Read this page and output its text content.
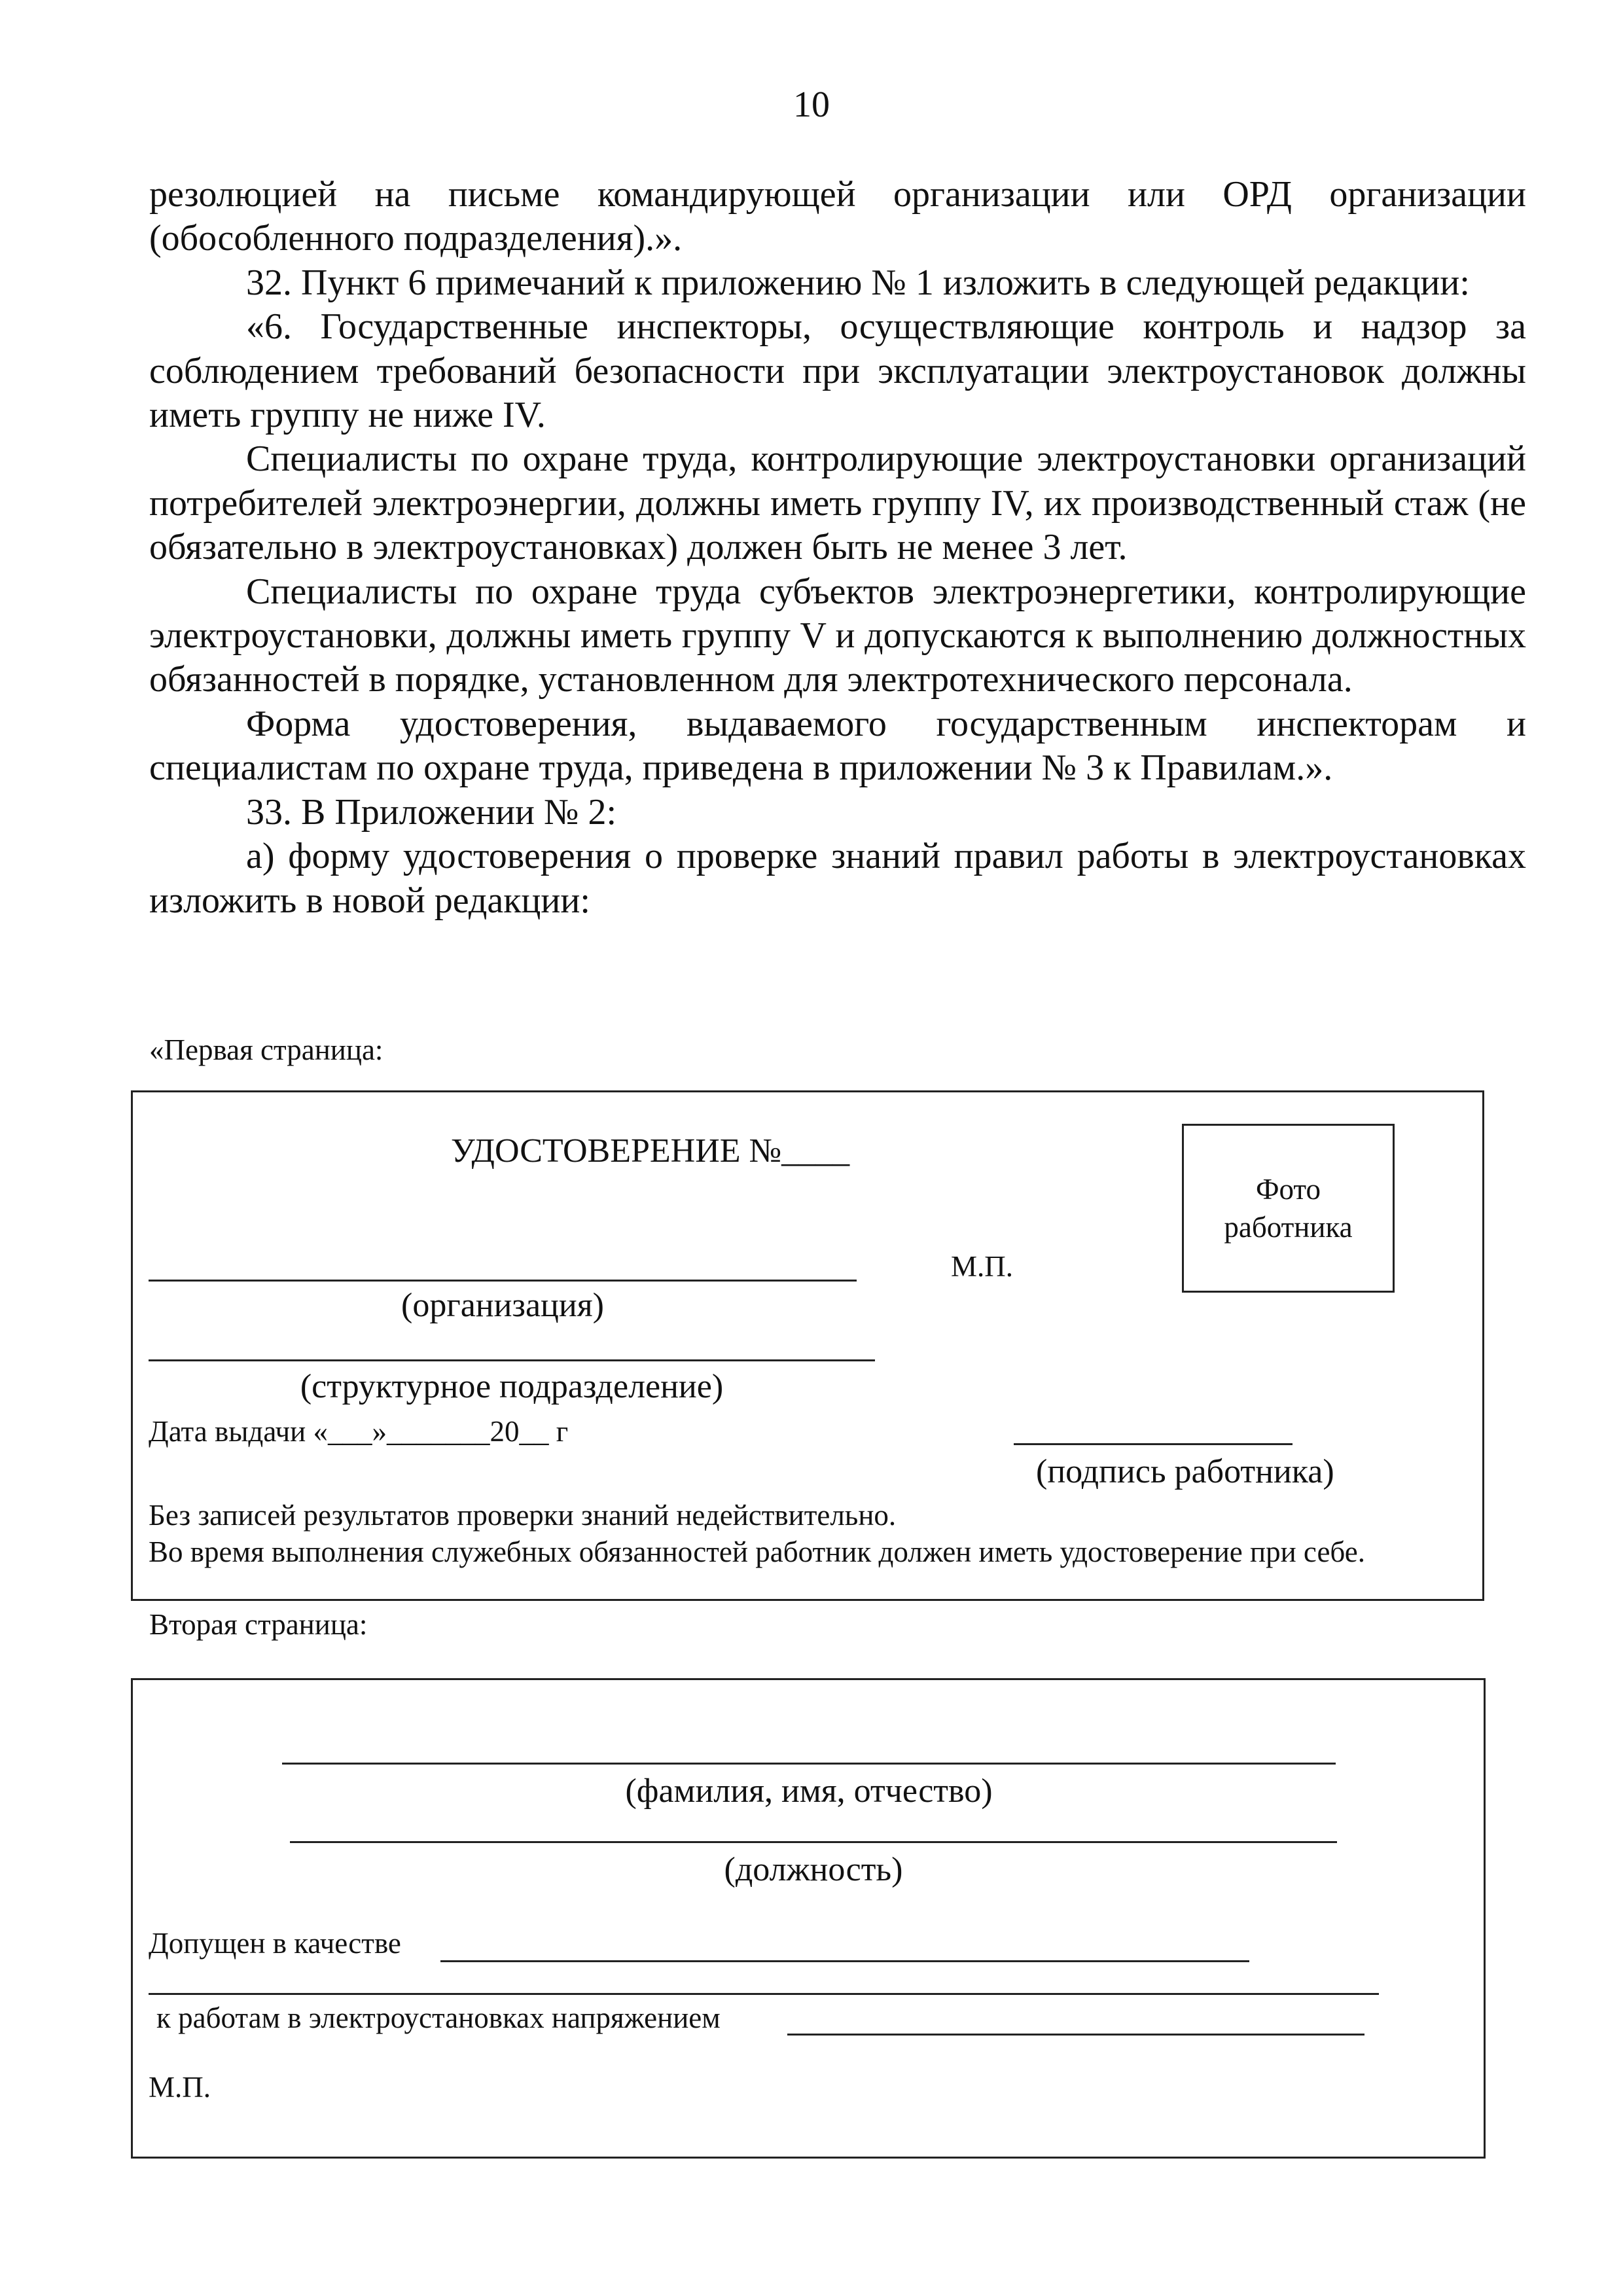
10

резолюцией на письме командирующей организации или ОРД организации

(обособленного подразделения).».

32. Пункт 6 примечаний к приложению № 1 изложить в следующей редакции:

«6. Государственные инспекторы, осуществляющие контроль и надзор за соблюдением требований безопасности при эксплуатации электроустановок должны иметь группу не ниже IV.

Специалисты по охране труда, контролирующие электроустановки организаций потребителей электроэнергии, должны иметь группу IV, их производственный стаж (не обязательно в электроустановках) должен быть не менее 3 лет.

Специалисты по охране труда субъектов электроэнергетики, контролирующие электроустановки, должны иметь группу V и допускаются к выполнению должностных обязанностей в порядке, установленном для электротехнического персонала.

Форма удостоверения, выдаваемого государственным инспекторам и специалистам по охране труда, приведена в приложении № 3 к Правилам.».

33. В Приложении № 2:

а) форму удостоверения о проверке знаний правил работы в электроустановках изложить в новой редакции:

«Первая страница:
УДОСТОВЕРЕНИЕ №____
Фото
работника
М.П.
(организация)
(структурное подразделение)
Дата выдачи «___»_______20__ г
(подпись работника)
Без записей результатов проверки знаний недействительно.
Во время выполнения служебных обязанностей работник должен иметь удостоверение при себе.
Вторая страница:
(фамилия, имя, отчество)
(должность)
Допущен в качестве
к работам в электроустановках напряжением
М.П.
